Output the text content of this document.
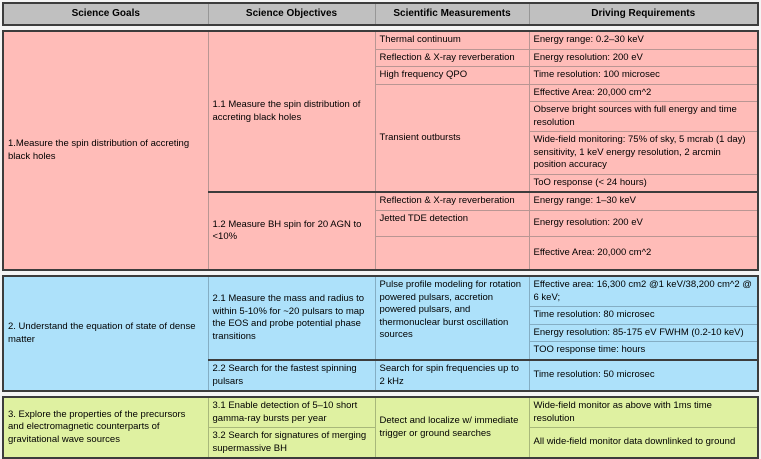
Science Goals	Science Objectives	Scientific Measurements	Driving Requirements
1.Measure the spin distribution of accreting black holes	1.1 Measure the spin distribution of accreting black holes	Thermal continuum	Energy range: 0.2–30 keV
		Reflection & X-ray reverberation	Energy resolution: 200 eV
		High frequency QPO	Time resolution: 100 microsec
		Transient outbursts	Effective Area: 20,000 cm^2
			Observe bright sources with full energy and time resolution
			Wide-field monitoring: 75% of sky, 5 mcrab (1 day) sensitivity, 1 keV energy resolution, 2 arcmin position accuracy
			ToO response (< 24 hours)
	1.2 Measure BH spin for 20 AGN to <10%	Reflection & X-ray reverberation	Energy range: 1–30 keV
		Jetted TDE detection	Energy resolution: 200 eV
			Effective Area: 20,000 cm^2
2. Understand the equation of state of dense matter	2.1 Measure the mass and radius to within 5-10% for ~20 pulsars to map the EOS and probe potential phase transitions	Pulse profile modeling for rotation powered pulsars, accretion powered pulsars, and thermonuclear burst oscillation sources	Effective area: 16,300 cm2 @1 keV/38,200 cm^2 @ 6 keV;
			Time resolution: 80 microsec
			Energy resolution: 85-175 eV FWHM (0.2-10 keV)
			TOO response time: hours
	2.2 Search for the fastest spinning pulsars	Search for spin frequencies up to 2 kHz	Time resolution: 50 microsec
3. Explore the properties of the precursors and electromagnetic counterparts of gravitational wave sources	3.1 Enable detection of 5–10 short gamma-ray bursts per year	Detect and localize w/ immediate trigger or ground searches	Wide-field monitor as above with 1ms time resolution
	3.2 Search for signatures of merging supermassive BH		All wide-field monitor data downlinked to ground
